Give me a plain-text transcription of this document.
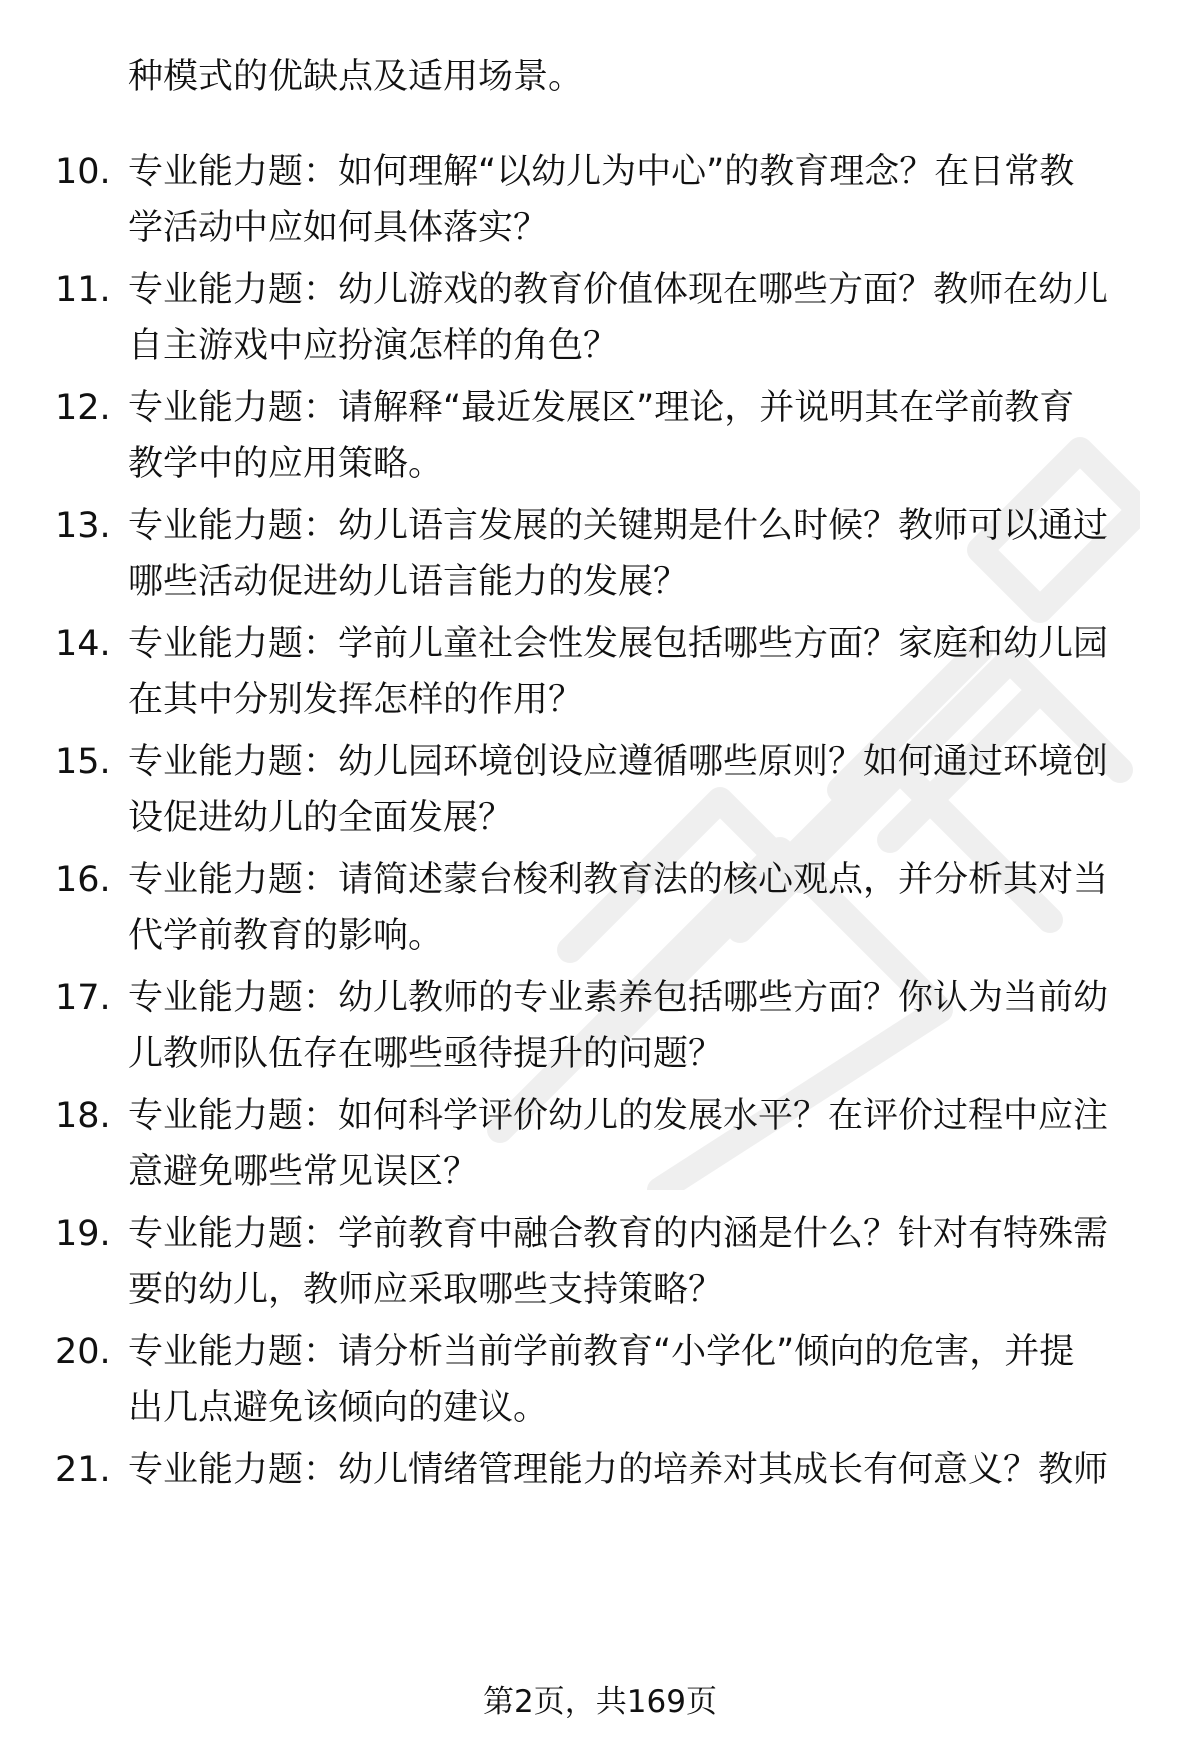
种模式的优缺点及适用场景。
10. 专业能力题：如何理解“以幼儿为中心”的教育理念？在日常教
学活动中应如何具体落实？
11. 专业能力题：幼儿游戏的教育价值体现在哪些方面？教师在幼儿
自主游戏中应扮演怎样的角色？
12. 专业能力题：请解释“最近发展区”理论，并说明其在学前教育
教学中的应用策略。
13. 专业能力题：幼儿语言发展的关键期是什么时候？教师可以通过
哪些活动促进幼儿语言能力的发展？
14. 专业能力题：学前儿童社会性发展包括哪些方面？家庭和幼儿园
在其中分别发挥怎样的作用？
15. 专业能力题：幼儿园环境创设应遵循哪些原则？如何通过环境创
设促进幼儿的全面发展？
16. 专业能力题：请简述蒙台梭利教育法的核心观点，并分析其对当
代学前教育的影响。
17. 专业能力题：幼儿教师的专业素养包括哪些方面？你认为当前幼
儿教师队伍存在哪些亟待提升的问题？
18. 专业能力题：如何科学评价幼儿的发展水平？在评价过程中应注
意避免哪些常见误区？
19. 专业能力题：学前教育中融合教育的内涵是什么？针对有特殊需
要的幼儿，教师应采取哪些支持策略？
20. 专业能力题：请分析当前学前教育“小学化”倾向的危害，并提
出几点避免该倾向的建议。
21. 专业能力题：幼儿情绪管理能力的培养对其成长有何意义？教师
第2页，共169页
